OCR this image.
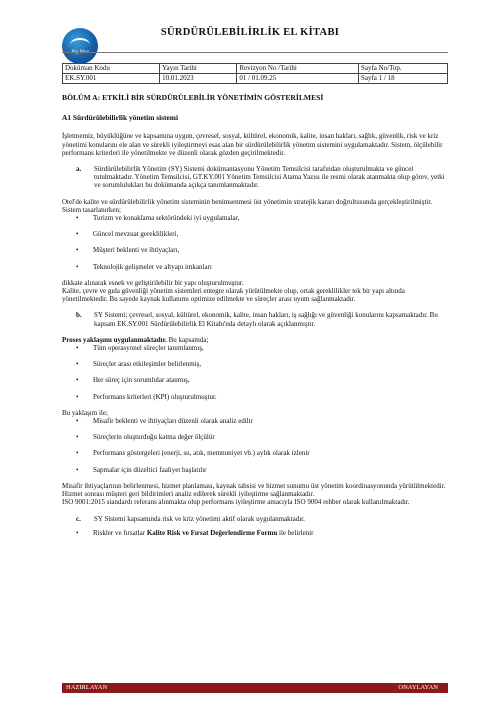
Big Blue
SÜRDÜRÜLEBİLİRLİK EL KİTABI
Doküman Kodu	Yayın Tarihi	Revizyon No /Tarihi	Sayfa No/Top.
EK.SY.001	10.01.2023	01 / 01.09.25	Sayfa 1 / 18
BÖLÜM A: ETKİLİ BİR SÜRDÜRÜLEBİLİR YÖNETİMİN GÖSTERİLMESİ
A1 Sürdürülebilirlik yönetim sistemi

İşletmemiz, büyüklüğüne ve kapsamına uygun, çevresel, sosyal, kültürel, ekonomik, kalite, insan hakları, sağlık, güvenlik, risk ve kriz yönetimi konularını ele alan ve sürekli iyileştirmeyi esas alan bir sürdürülebilirlik yönetim sistemini uygulamaktadır. Sistem, ölçülebilir performans kriterleri ile yönetilmekte ve düzenli olarak gözden geçirilmektedir.

a.	Sürdürülebilirlik Yönetim (SY) Sistemi dokümantasyonu Yönetim Temsilcisi tarafından oluşturulmakta ve güncel tutulmaktadır. Yönetim Temsilcisi, GT.KY.001 Yönetim Temsilcisi Atama Yazısı ile resmi olarak atanmakta olup görev, yetki ve sorumlulukları bu dokümanda açıkça tanımlanmaktadır.

Otel'de kalite ve sürdürülebilirlik yönetim sisteminin benimsenmesi üst yönetimin stratejik kararı doğrultusunda gerçekleştirilmiştir. Sistem tasarlanırken;

•	Turizm ve konaklama sektöründeki iyi uygulamalar,
•	Güncel mevzuat gereklilikleri,
•	Müşteri beklenti ve ihtiyaçları,
•	Teknolojik gelişmeler ve altyapı imkanları

dikkate alınarak esnek ve geliştirilebilir bir yapı oluşturulmuştur.

Kalite, çevre ve gıda güvenliği yönetim sistemleri entegre olarak yürütülmekte olup, ortak gereklilikler tek bir yapı altında yönetilmektedir. Bu sayede kaynak kullanımı optimize edilmekte ve süreçler arası uyum sağlanmaktadır.

b.	SY Sistemi; çevresel, sosyal, kültürel, ekonomik, kalite, insan hakları, iş sağlığı ve güvenliği konularını kapsamaktadır. Bu kapsam EK.SY.001 Sürdürülebilirlik El Kitabı'nda detaylı olarak açıklanmıştır.

Proses yaklaşımı uygulanmaktadır. Bu kapsamda;

•	Tüm operasyonel süreçler tanımlanmış,
•	Süreçler arası etkileşimler belirlenmiş,
•	Her süreç için sorumlular atanmış,
•	Performans kriterleri (KPI) oluşturulmuştur.

Bu yaklaşım ile;

•	Misafir beklenti ve ihtiyaçları düzenli olarak analiz edilir
•	Süreçlerin oluşturduğu katma değer ölçülür
•	Performans göstergeleri (enerji, su, atık, memnuniyet vb.) aylık olarak izlenir
•	Sapmalar için düzeltici faaliyet başlatılır

Misafir ihtiyaçlarının belirlenmesi, hizmet planlaması, kaynak tahsisi ve hizmet sunumu üst yönetim koordinasyonunda yürütülmektedir. Hizmet sonrası müşteri geri bildirimleri analiz edilerek sürekli iyileştirme sağlanmaktadır.

ISO 9001:2015 standardı referans alınmakta olup performans iyileştirme amacıyla ISO 9004 rehber olarak kullanılmaktadır.

c.	SY Sistemi kapsamında risk ve kriz yönetimi aktif olarak uygulanmaktadır.
•	Riskler ve fırsatlar Kalite Risk ve Fırsat Değerlendirme Formu ile belirlenir
HAZIRLAYAN	ONAYLAYAN
